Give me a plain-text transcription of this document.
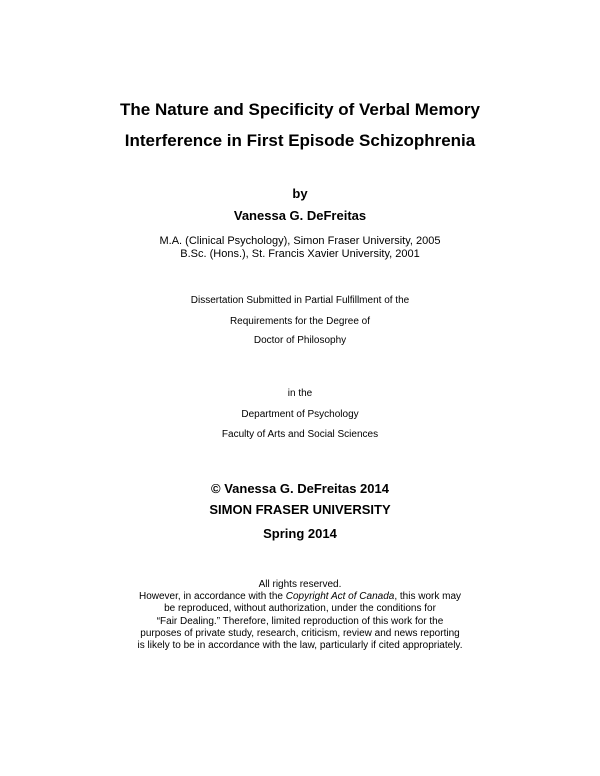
The Nature and Specificity of Verbal Memory
Interference in First Episode Schizophrenia
by
Vanessa G. DeFreitas
M.A. (Clinical Psychology), Simon Fraser University, 2005
B.Sc. (Hons.), St. Francis Xavier University, 2001
Dissertation Submitted in Partial Fulfillment of the
Requirements for the Degree of
Doctor of Philosophy
in the
Department of Psychology
Faculty of Arts and Social Sciences
© Vanessa G. DeFreitas 2014
SIMON FRASER UNIVERSITY
Spring 2014
All rights reserved.
However, in accordance with the Copyright Act of Canada, this work may
be reproduced, without authorization, under the conditions for
“Fair Dealing.” Therefore, limited reproduction of this work for the
purposes of private study, research, criticism, review and news reporting
is likely to be in accordance with the law, particularly if cited appropriately.
